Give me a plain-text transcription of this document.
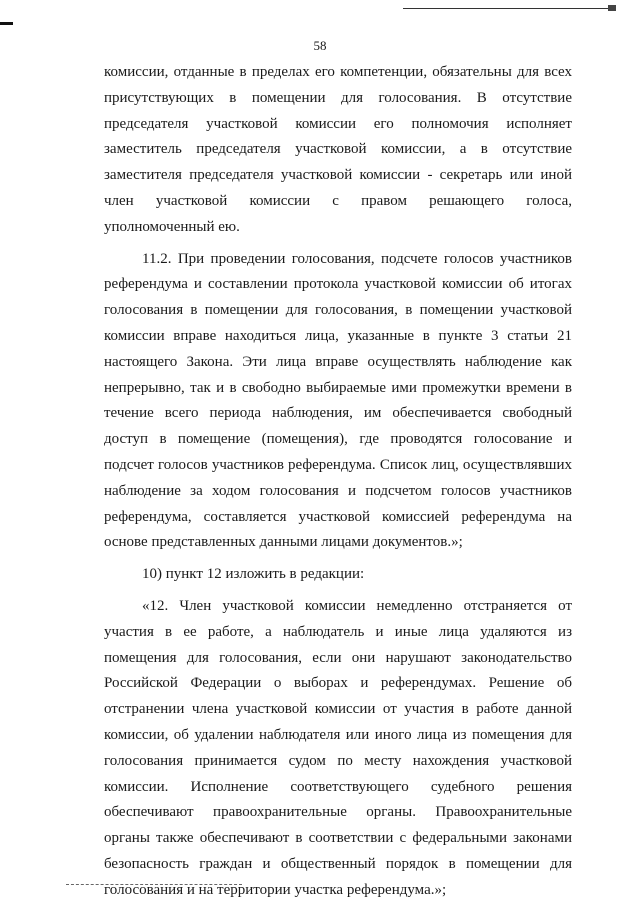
58

комиссии, отданные в пределах его компетенции, обязательны для всех присутствующих в помещении для голосования. В отсутствие председателя участковой комиссии его полномочия исполняет заместитель председателя участковой комиссии, а в отсутствие заместителя председателя участковой комиссии - секретарь или иной член участковой комиссии с правом решающего голоса, уполномоченный ею.

11.2. При проведении голосования, подсчете голосов участников референдума и составлении протокола участковой комиссии об итогах голосования в помещении для голосования, в помещении участковой комиссии вправе находиться лица, указанные в пункте 3 статьи 21 настоящего Закона. Эти лица вправе осуществлять наблюдение как непрерывно, так и в свободно выбираемые ими промежутки времени в течение всего периода наблюдения, им обеспечивается свободный доступ в помещение (помещения), где проводятся голосование и подсчет голосов участников референдума. Список лиц, осуществлявших наблюдение за ходом голосования и подсчетом голосов участников референдума, составляется участковой комиссией референдума на основе представленных данными лицами документов.»;

10) пункт 12 изложить в редакции:

«12. Член участковой комиссии немедленно отстраняется от участия в ее работе, а наблюдатель и иные лица удаляются из помещения для голосования, если они нарушают законодательство Российской Федерации о выборах и референдумах. Решение об отстранении члена участковой комиссии от участия в работе данной комиссии, об удалении наблюдателя или иного лица из помещения для голосования принимается судом по месту нахождения участковой комиссии. Исполнение соответствующего судебного решения обеспечивают правоохранительные органы. Правоохранительные органы также обеспечивают в соответствии с федеральными законами безопасность граждан и общественный порядок в помещении для голосования и на территории участка референдума.»;
